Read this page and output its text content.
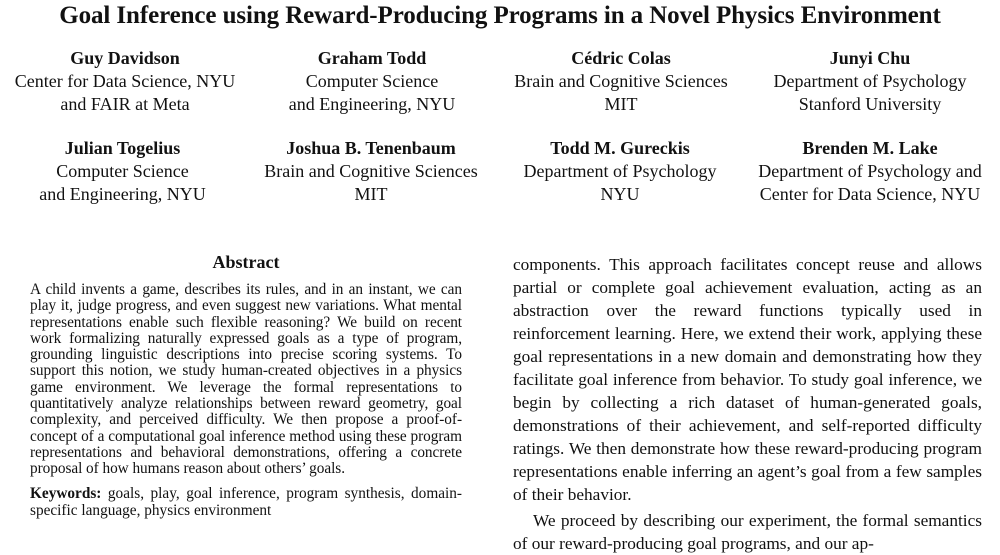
Goal Inference using Reward-Producing Programs in a Novel Physics Environment
Guy Davidson
Center for Data Science, NYU
and FAIR at Meta
Graham Todd
Computer Science
and Engineering, NYU
Cédric Colas
Brain and Cognitive Sciences
MIT
Junyi Chu
Department of Psychology
Stanford University
Julian Togelius
Computer Science
and Engineering, NYU
Joshua B. Tenenbaum
Brain and Cognitive Sciences
MIT
Todd M. Gureckis
Department of Psychology
NYU
Brenden M. Lake
Department of Psychology and
Center for Data Science, NYU
Abstract

A child invents a game, describes its rules, and in an instant, we can play it, judge progress, and even suggest new variations. What mental representations enable such flexible reasoning? We build on recent work formalizing naturally expressed goals as a type of program, grounding linguistic descriptions into precise scoring systems. To support this notion, we study human-created objectives in a physics game environment. We leverage the formal representations to quantitatively analyze relationships between reward geometry, goal complexity, and perceived difficulty. We then propose a proof-of-concept of a computational goal inference method using these program representations and behavioral demonstrations, offering a concrete proposal of how humans reason about others’ goals.

Keywords: goals, play, goal inference, program synthesis, domain-specific language, physics environment

components. This approach facilitates concept reuse and allows partial or complete goal achievement evaluation, acting as an abstraction over the reward functions typically used in reinforcement learning. Here, we extend their work, applying these goal representations in a new domain and demonstrating how they facilitate goal inference from behavior. To study goal inference, we begin by collecting a rich dataset of human-generated goals, demonstrations of their achievement, and self-reported difficulty ratings. We then demonstrate how these reward-producing program representations enable inferring an agent’s goal from a few samples of their behavior.

We proceed by describing our experiment, the formal semantics of our reward-producing goal programs, and our ap-
